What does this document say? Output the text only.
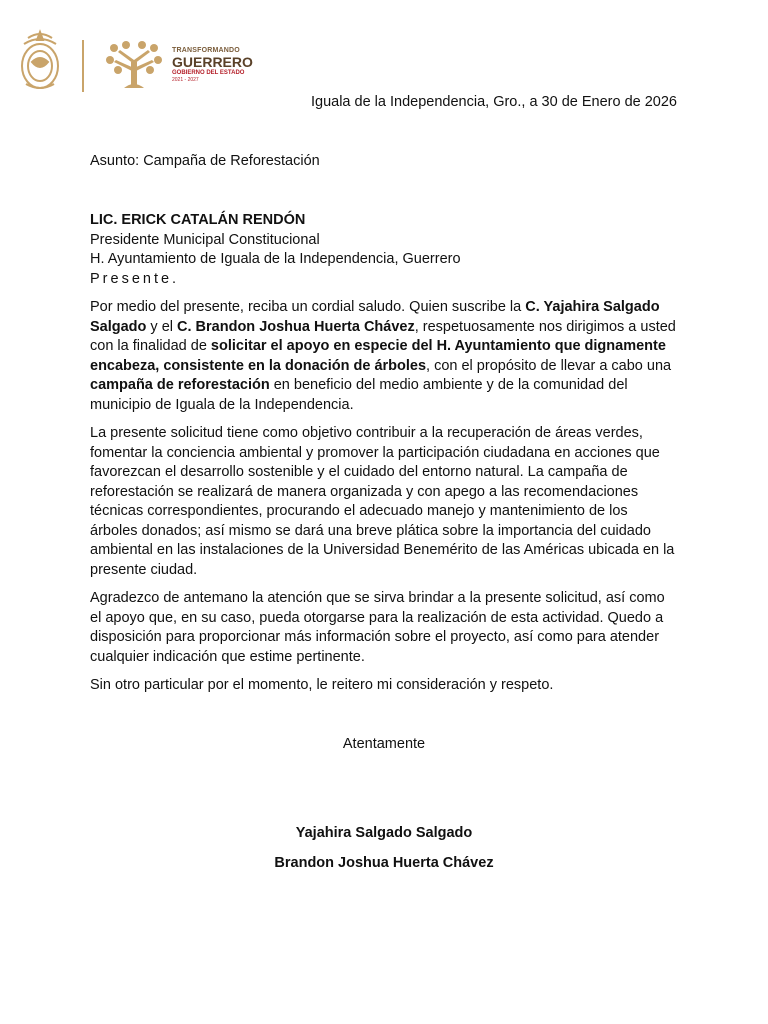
TRANSFORMANDO
GUERRERO
GOBIERNO DEL ESTADO
2021 - 2027
Iguala de la Independencia, Gro., a 30 de Enero de 2026
Asunto: Campaña de Reforestación
LIC. ERICK CATALÁN RENDÓN
Presidente Municipal Constitucional
H. Ayuntamiento de Iguala de la Independencia, Guerrero
Presente.

Por medio del presente, reciba un cordial saludo. Quien suscribe la C. Yajahira Salgado Salgado y el C. Brandon Joshua Huerta Chávez, respetuosamente nos dirigimos a usted con la finalidad de solicitar el apoyo en especie del H. Ayuntamiento que dignamente encabeza, consistente en la donación de árboles, con el propósito de llevar a cabo una campaña de reforestación en beneficio del medio ambiente y de la comunidad del municipio de Iguala de la Independencia.

La presente solicitud tiene como objetivo contribuir a la recuperación de áreas verdes, fomentar la conciencia ambiental y promover la participación ciudadana en acciones que favorezcan el desarrollo sostenible y el cuidado del entorno natural. La campaña de reforestación se realizará de manera organizada y con apego a las recomendaciones técnicas correspondientes, procurando el adecuado manejo y mantenimiento de los árboles donados; así mismo se dará una breve plática sobre la importancia del cuidado ambiental en las instalaciones de la Universidad Benemérito de las Américas ubicada en la presente ciudad.

Agradezco de antemano la atención que se sirva brindar a la presente solicitud, así como el apoyo que, en su caso, pueda otorgarse para la realización de esta actividad. Quedo a disposición para proporcionar más información sobre el proyecto, así como para atender cualquier indicación que estime pertinente.

Sin otro particular por el momento, le reitero mi consideración y respeto.

Atentamente
Yajahira Salgado Salgado
Brandon Joshua Huerta Chávez
